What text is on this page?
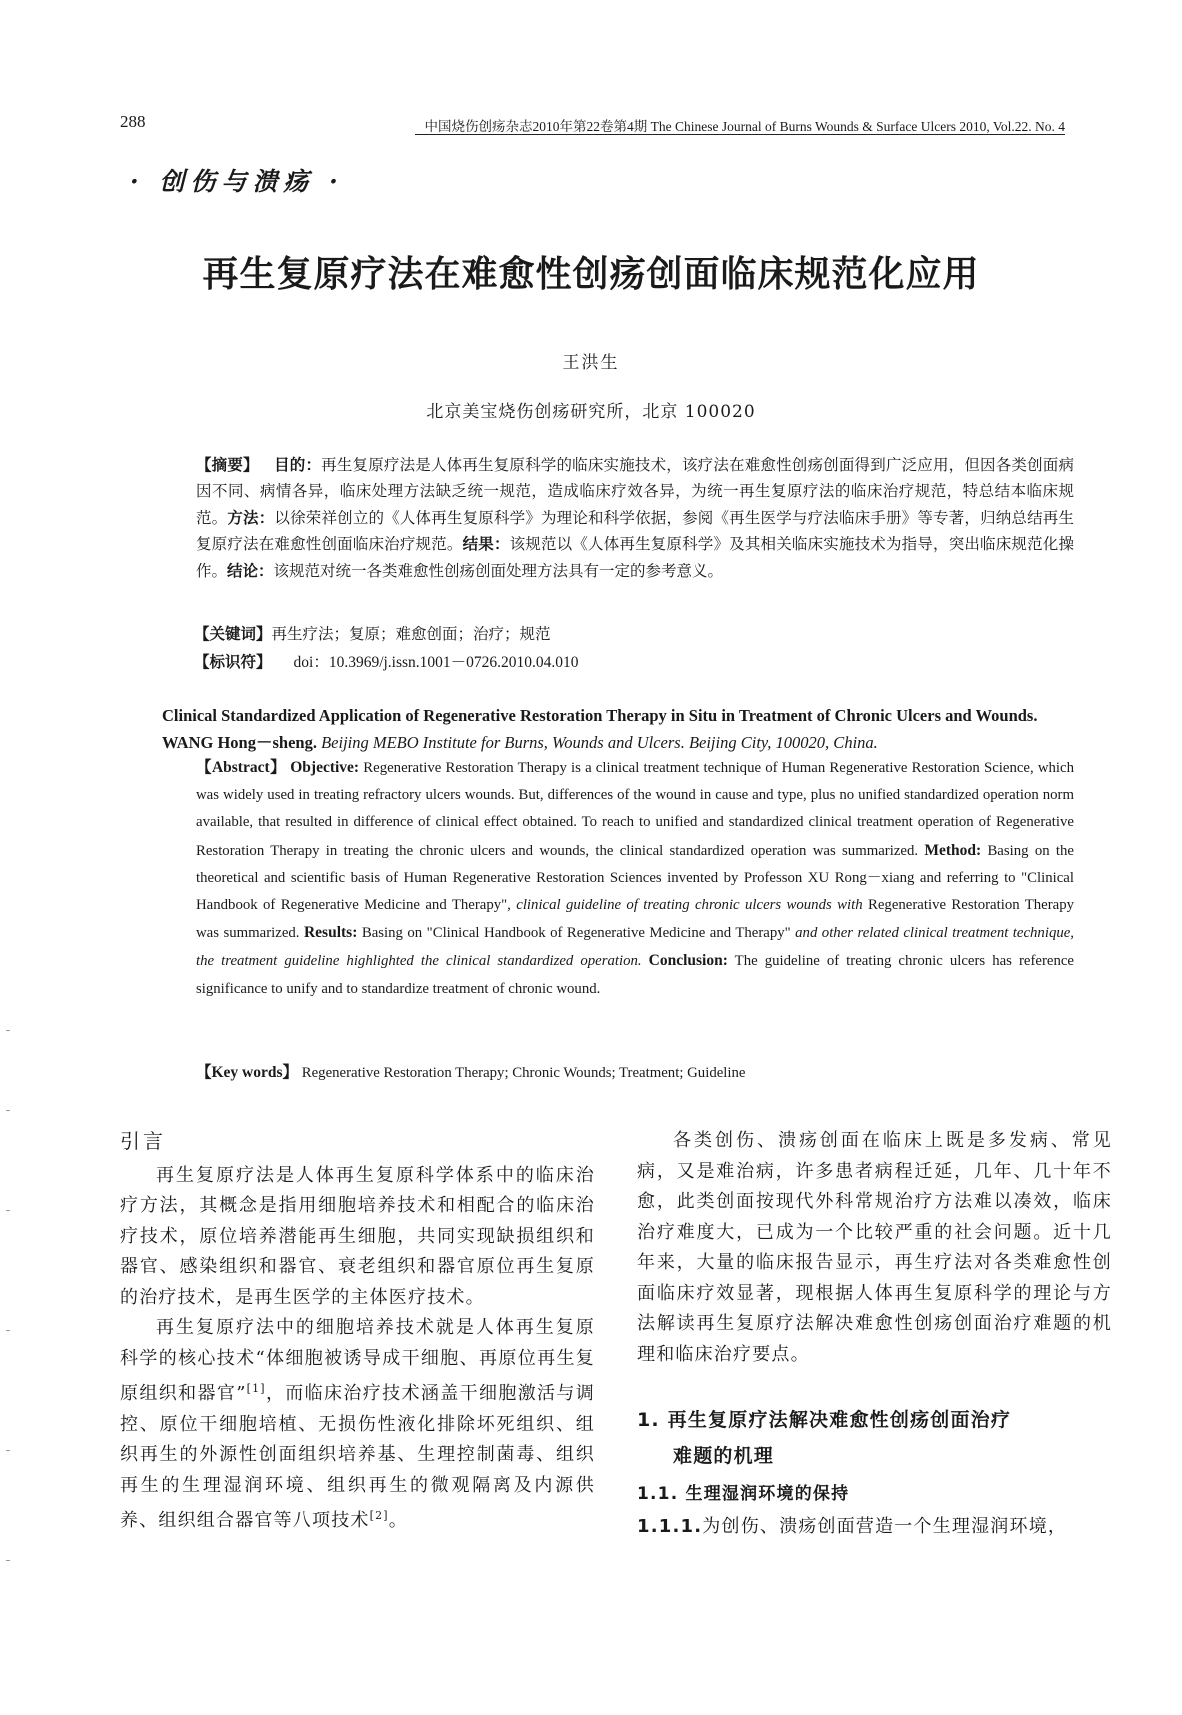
288	中国烧伤创疡杂志2010年第22卷第4期 The Chinese Journal of Burns Wounds & Surface Ulcers 2010, Vol.22. No. 4
· 创伤与溃疡 ·
再生复原疗法在难愈性创疡创面临床规范化应用
王洪生
北京美宝烧伤创疡研究所，北京 100020
【摘要】 目的：再生复原疗法是人体再生复原科学的临床实施技术，该疗法在难愈性创疡创面得到广泛应用，但因各类创面病因不同、病情各异，临床处理方法缺乏统一规范，造成临床疗效各异，为统一再生复原疗法的临床治疗规范，特总结本临床规范。方法：以徐荣祥创立的《人体再生复原科学》为理论和科学依据，参阅《再生医学与疗法临床手册》等专著，归纳总结再生复原疗法在难愈性创面临床治疗规范。结果：该规范以《人体再生复原科学》及其相关临床实施技术为指导，突出临床规范化操作。结论：该规范对统一各类难愈性创疡创面处理方法具有一定的参考意义。
【关键词】再生疗法；复原；难愈创面；治疗；规范
【标识符】 doi：10.3969/j.issn.1001－0726.2010.04.010
Clinical Standardized Application of Regenerative Restoration Therapy in Situ in Treatment of Chronic Ulcers and Wounds. WANG Hong－sheng. Beijing MEBO Institute for Burns, Wounds and Ulcers. Beijing City, 100020, China.
【Abstract】 Objective: Regenerative Restoration Therapy is a clinical treatment technique of Human Regenerative Restoration Science, which was widely used in treating refractory ulcers wounds. But, differences of the wound in cause and type, plus no unified standardized operation norm available, that resulted in difference of clinical effect obtained. To reach to unified and standardized clinical treatment operation of Regenerative Restoration Therapy in treating the chronic ulcers and wounds, the clinical standardized operation was summarized. Method: Basing on the theoretical and scientific basis of Human Regenerative Restoration Sciences invented by Professon XU Rong－xiang and referring to "Clinical Handbook of Regenerative Medicine and Therapy", clinical guideline of treating chronic ulcers wounds with Regenerative Restoration Therapy was summarized. Results: Basing on "Clinical Handbook of Regenerative Medicine and Therapy" and other related clinical treatment technique, the treatment guideline highlighted the clinical standardized operation. Conclusion: The guideline of treating chronic ulcers has reference significance to unify and to standardize treatment of chronic wound.
【Key words】 Regenerative Restoration Therapy; Chronic Wounds; Treatment; Guideline
引言

再生复原疗法是人体再生复原科学体系中的临床治疗方法，其概念是指用细胞培养技术和相配合的临床治疗技术，原位培养潜能再生细胞，共同实现缺损组织和器官、感染组织和器官、衰老组织和器官原位再生复原的治疗技术，是再生医学的主体医疗技术。

再生复原疗法中的细胞培养技术就是人体再生复原科学的核心技术“体细胞被诱导成干细胞、再原位再生复原组织和器官”[1]，而临床治疗技术涵盖干细胞激活与调控、原位干细胞培植、无损伤性液化排除坏死组织、组织再生的外源性创面组织培养基、生理控制菌毒、组织再生的生理湿润环境、组织再生的微观隔离及内源供养、组织组合器官等八项技术[2]。

各类创伤、溃疡创面在临床上既是多发病、常见病，又是难治病，许多患者病程迁延，几年、几十年不愈，此类创面按现代外科常规治疗方法难以凑效，临床治疗难度大，已成为一个比较严重的社会问题。近十几年来，大量的临床报告显示，再生疗法对各类难愈性创面临床疗效显著，现根据人体再生复原科学的理论与方法解读再生复原疗法解决难愈性创疡创面治疗难题的机理和临床治疗要点。

1. 再生复原疗法解决难愈性创疡创面治疗
难题的机理
1.1. 生理湿润环境的保持

1.1.1.为创伤、溃疡创面营造一个生理湿润环境，
